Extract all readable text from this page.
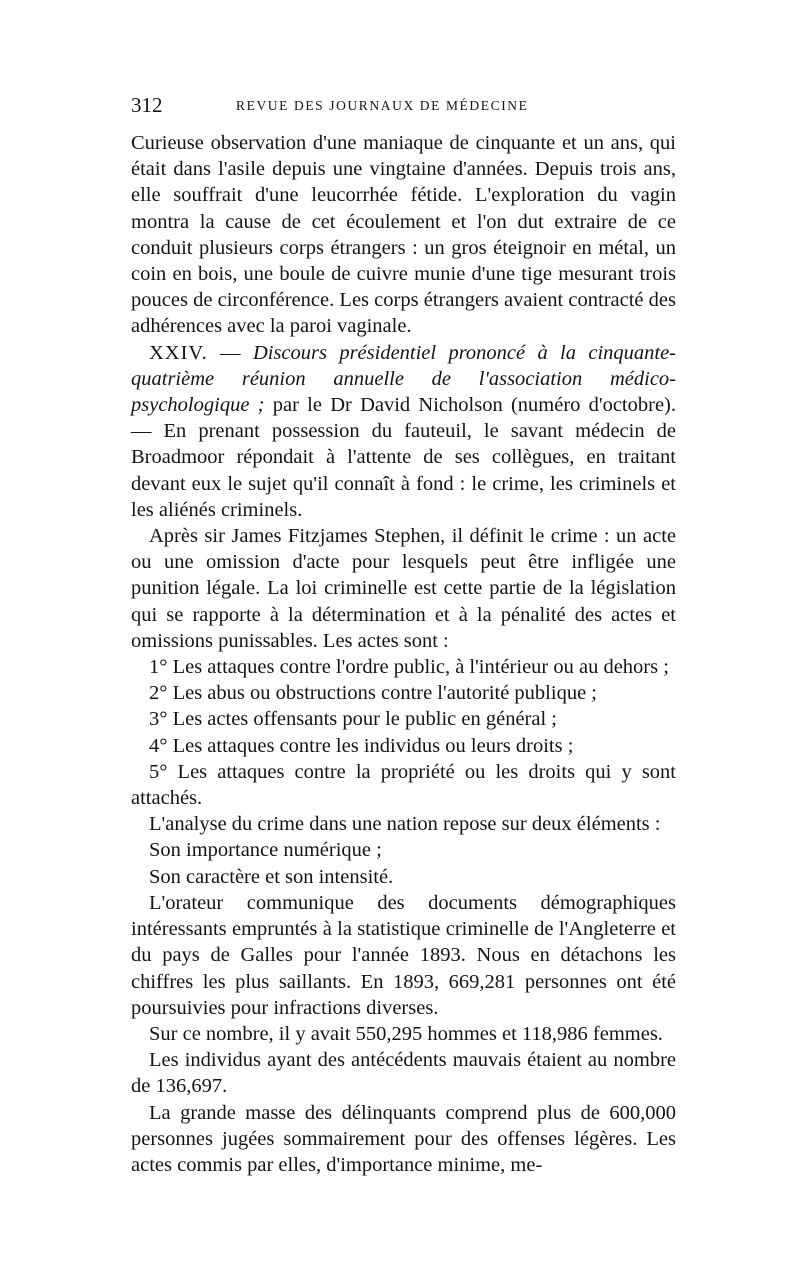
312	REVUE DES JOURNAUX DE MÉDECINE

Curieuse observation d'une maniaque de cinquante et un ans, qui était dans l'asile depuis une vingtaine d'années. Depuis trois ans, elle souffrait d'une leucorrhée fétide. L'exploration du vagin montra la cause de cet écoulement et l'on dut extraire de ce conduit plusieurs corps étrangers : un gros éteignoir en métal, un coin en bois, une boule de cuivre munie d'une tige mesurant trois pouces de circonférence. Les corps étrangers avaient contracté des adhérences avec la paroi vaginale.

XXIV. — Discours présidentiel prononcé à la cinquante-quatrième réunion annuelle de l'association médico-psychologique ; par le Dr David Nicholson (numéro d'octobre). — En prenant possession du fauteuil, le savant médecin de Broadmoor répondait à l'attente de ses collègues, en traitant devant eux le sujet qu'il connaît à fond : le crime, les criminels et les aliénés criminels.

Après sir James Fitzjames Stephen, il définit le crime : un acte ou une omission d'acte pour lesquels peut être infligée une punition légale. La loi criminelle est cette partie de la législation qui se rapporte à la détermination et à la pénalité des actes et omissions punissables. Les actes sont :

1° Les attaques contre l'ordre public, à l'intérieur ou au dehors ;

2° Les abus ou obstructions contre l'autorité publique ;

3° Les actes offensants pour le public en général ;

4° Les attaques contre les individus ou leurs droits ;

5° Les attaques contre la propriété ou les droits qui y sont attachés.

L'analyse du crime dans une nation repose sur deux éléments :

Son importance numérique ;

Son caractère et son intensité.

L'orateur communique des documents démographiques intéressants empruntés à la statistique criminelle de l'Angleterre et du pays de Galles pour l'année 1893. Nous en détachons les chiffres les plus saillants. En 1893, 669,281 personnes ont été poursuivies pour infractions diverses.

Sur ce nombre, il y avait 550,295 hommes et 118,986 femmes.

Les individus ayant des antécédents mauvais étaient au nombre de 136,697.

La grande masse des délinquants comprend plus de 600,000 personnes jugées sommairement pour des offenses légères. Les actes commis par elles, d'importance minime, me-
